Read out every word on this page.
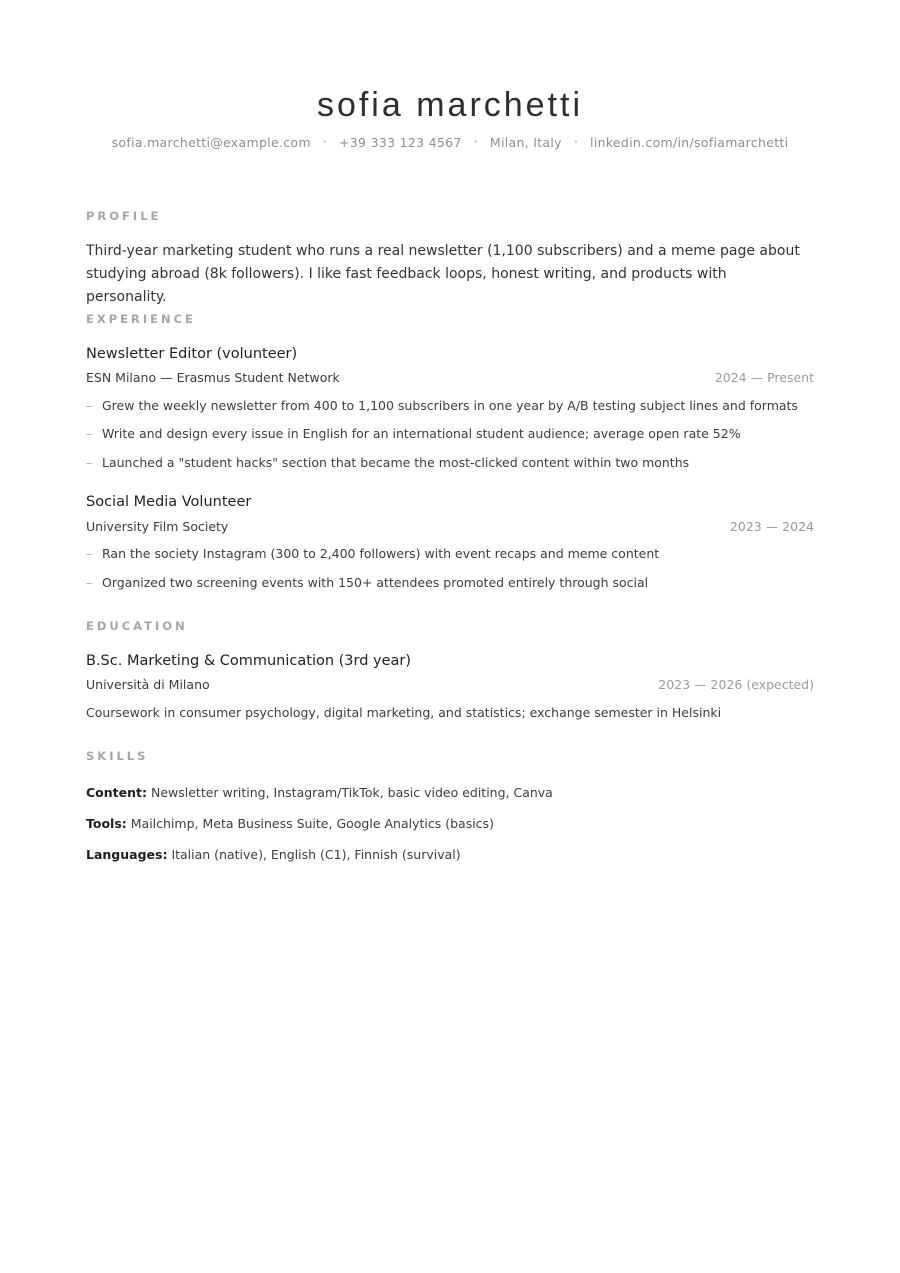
sofia marchetti
sofia.marchetti@example.com • +39 333 123 4567 • Milan, Italy • linkedin.com/in/sofiamarchetti
PROFILE

Third-year marketing student who runs a real newsletter (1,100 subscribers) and a meme page about studying abroad (8k followers). I like fast feedback loops, honest writing, and products with personality.

EXPERIENCE
Newsletter Editor (volunteer)
ESN Milano — Erasmus Student Network	2024 — Present
– Grew the weekly newsletter from 400 to 1,100 subscribers in one year by A/B testing subject lines and formats
– Write and design every issue in English for an international student audience; average open rate 52%
– Launched a "student hacks" section that became the most-clicked content within two months
Social Media Volunteer
University Film Society	2023 — 2024
– Ran the society Instagram (300 to 2,400 followers) with event recaps and meme content
– Organized two screening events with 150+ attendees promoted entirely through social
EDUCATION
B.Sc. Marketing & Communication (3rd year)
Università di Milano	2023 — 2026 (expected)
Coursework in consumer psychology, digital marketing, and statistics; exchange semester in Helsinki
SKILLS
Content: Newsletter writing, Instagram/TikTok, basic video editing, Canva
Tools: Mailchimp, Meta Business Suite, Google Analytics (basics)
Languages: Italian (native), English (C1), Finnish (survival)
